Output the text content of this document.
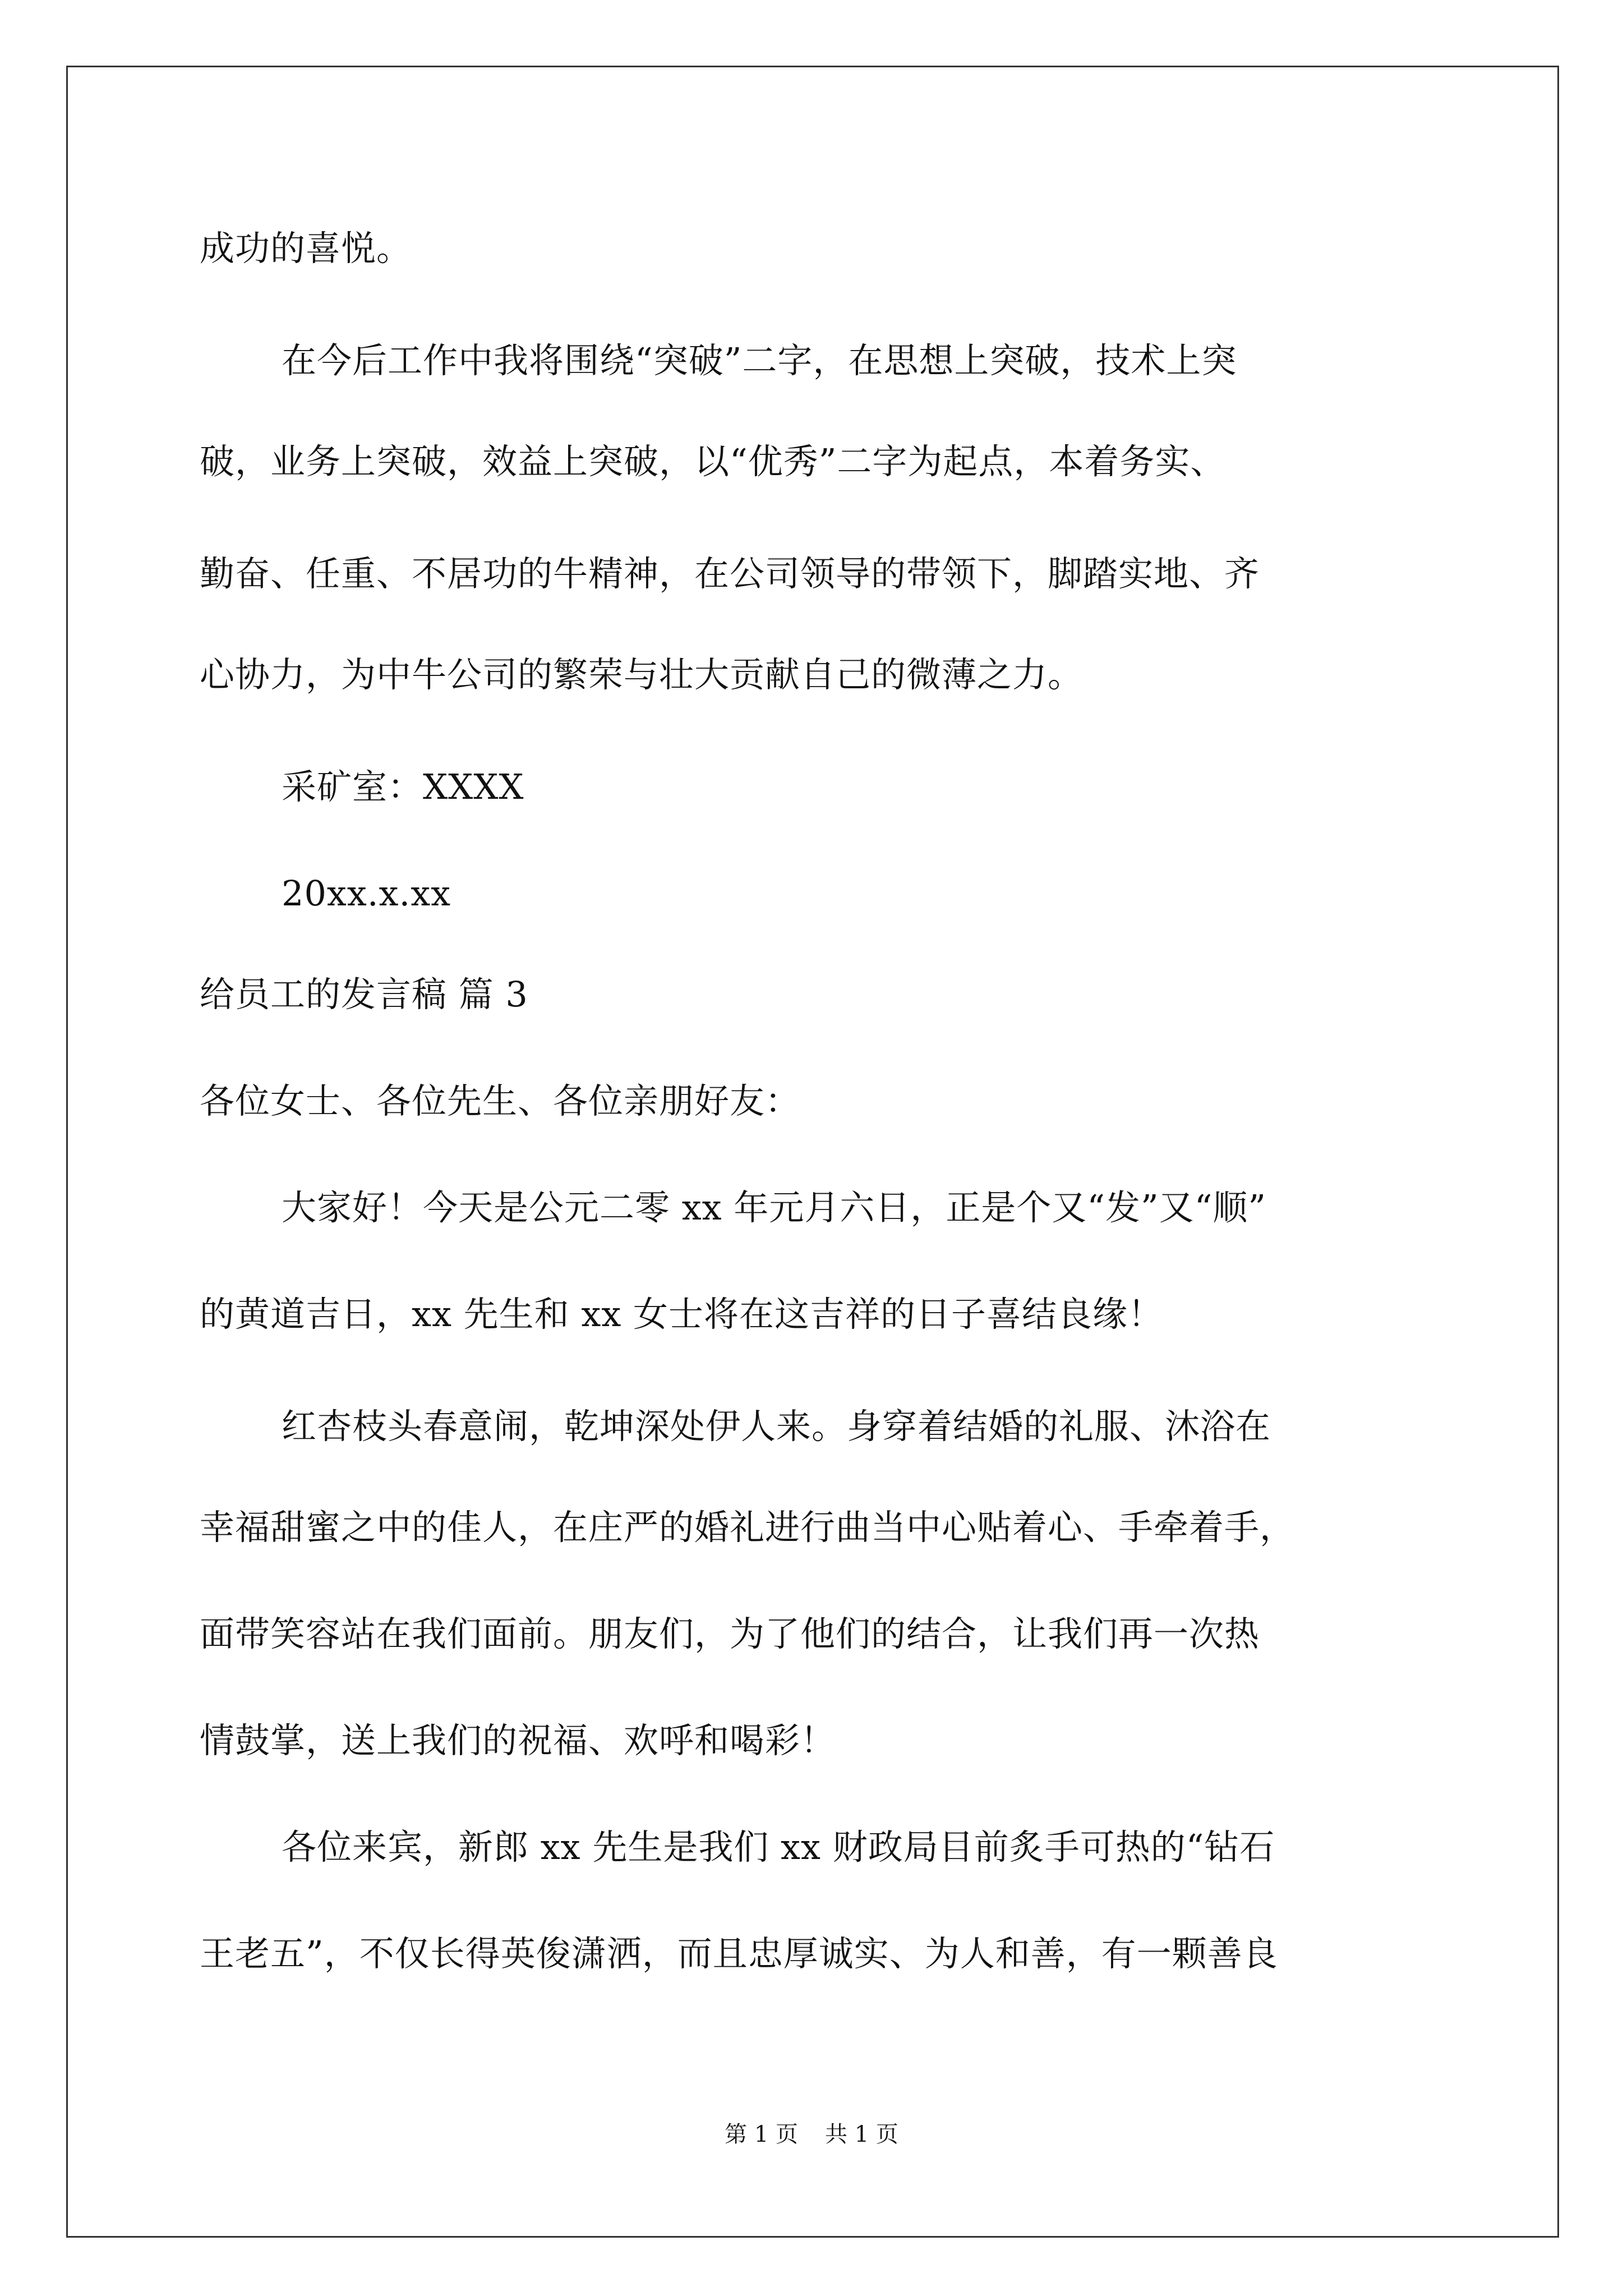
成功的喜悦。
在今后工作中我将围绕“突破”二字，在思想上突破，技术上突
破，业务上突破，效益上突破，以“优秀”二字为起点，本着务实、
勤奋、任重、不居功的牛精神，在公司领导的带领下，脚踏实地、齐
心协力，为中牛公司的繁荣与壮大贡献自己的微薄之力。
采矿室：XXXX
20xx.x.xx
给员工的发言稿 篇 3
各位女士、各位先生、各位亲朋好友：
大家好！今天是公元二零 xx 年元月六日，正是个又“发”又“顺”
的黄道吉日，xx 先生和 xx 女士将在这吉祥的日子喜结良缘！
红杏枝头春意闹，乾坤深处伊人来。身穿着结婚的礼服、沐浴在
幸福甜蜜之中的佳人，在庄严的婚礼进行曲当中心贴着心、手牵着手，
面带笑容站在我们面前。朋友们，为了他们的结合，让我们再一次热
情鼓掌，送上我们的祝福、欢呼和喝彩！
各位来宾，新郎 xx 先生是我们 xx 财政局目前炙手可热的“钻石
王老五”，不仅长得英俊潇洒，而且忠厚诚实、为人和善，有一颗善良
第 1 页 共 1 页
